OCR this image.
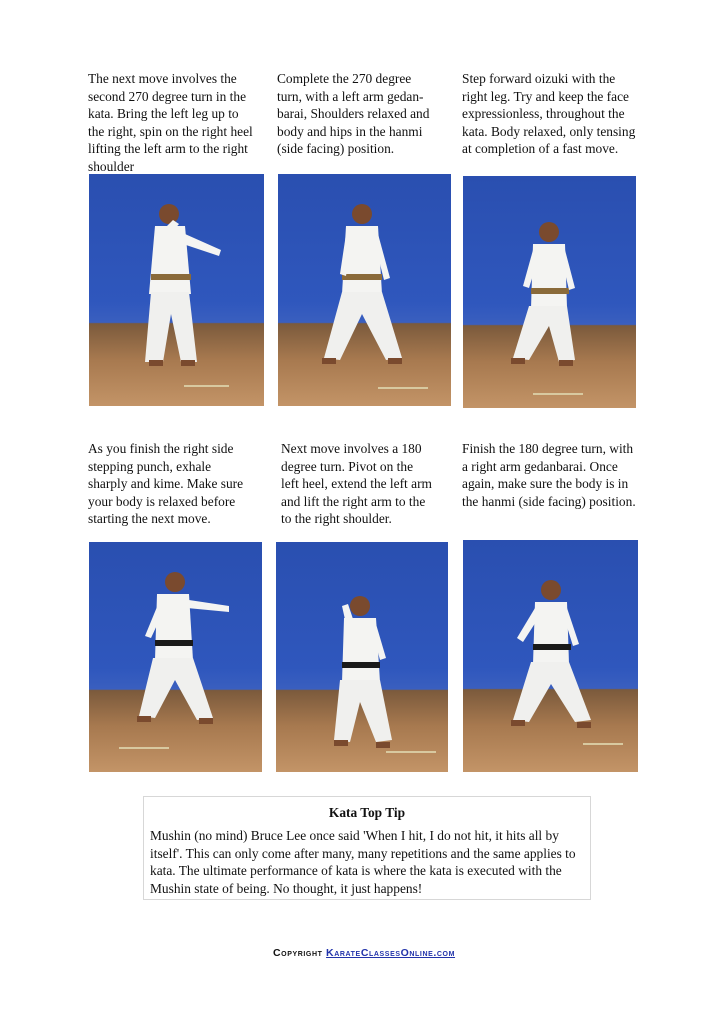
The next move involves the
second 270 degree turn in the
kata. Bring the left leg up to
the right, spin on the right heel
lifting the left arm to the right
shoulder
Complete the 270 degree
turn, with a left arm gedan-
barai, Shoulders relaxed and
body and hips in the hanmi
(side facing) position.
Step forward oizuki with the
right leg. Try and keep the face
expressionless, throughout the
kata. Body relaxed, only tensing
at completion of a fast move.
As you finish the right side
stepping punch, exhale
sharply and kime. Make sure
your body is relaxed before
starting the next move.
Next move involves a 180
degree turn. Pivot on the
left heel, extend the left arm
and lift the right arm to the
to the right shoulder.
Finish the 180 degree turn, with
a right arm gedanbarai. Once
again, make sure the body is in
the hanmi (side facing) position.
Kata Top Tip
Mushin (no mind) Bruce Lee once said 'When I hit, I do not hit, it hits all by itself'. This can only come after many, many repetitions and the same applies to kata. The ultimate performance of kata is where the kata is executed with the Mushin state of being. No thought, it just happens!
Copyright KarateClassesOnline.com
